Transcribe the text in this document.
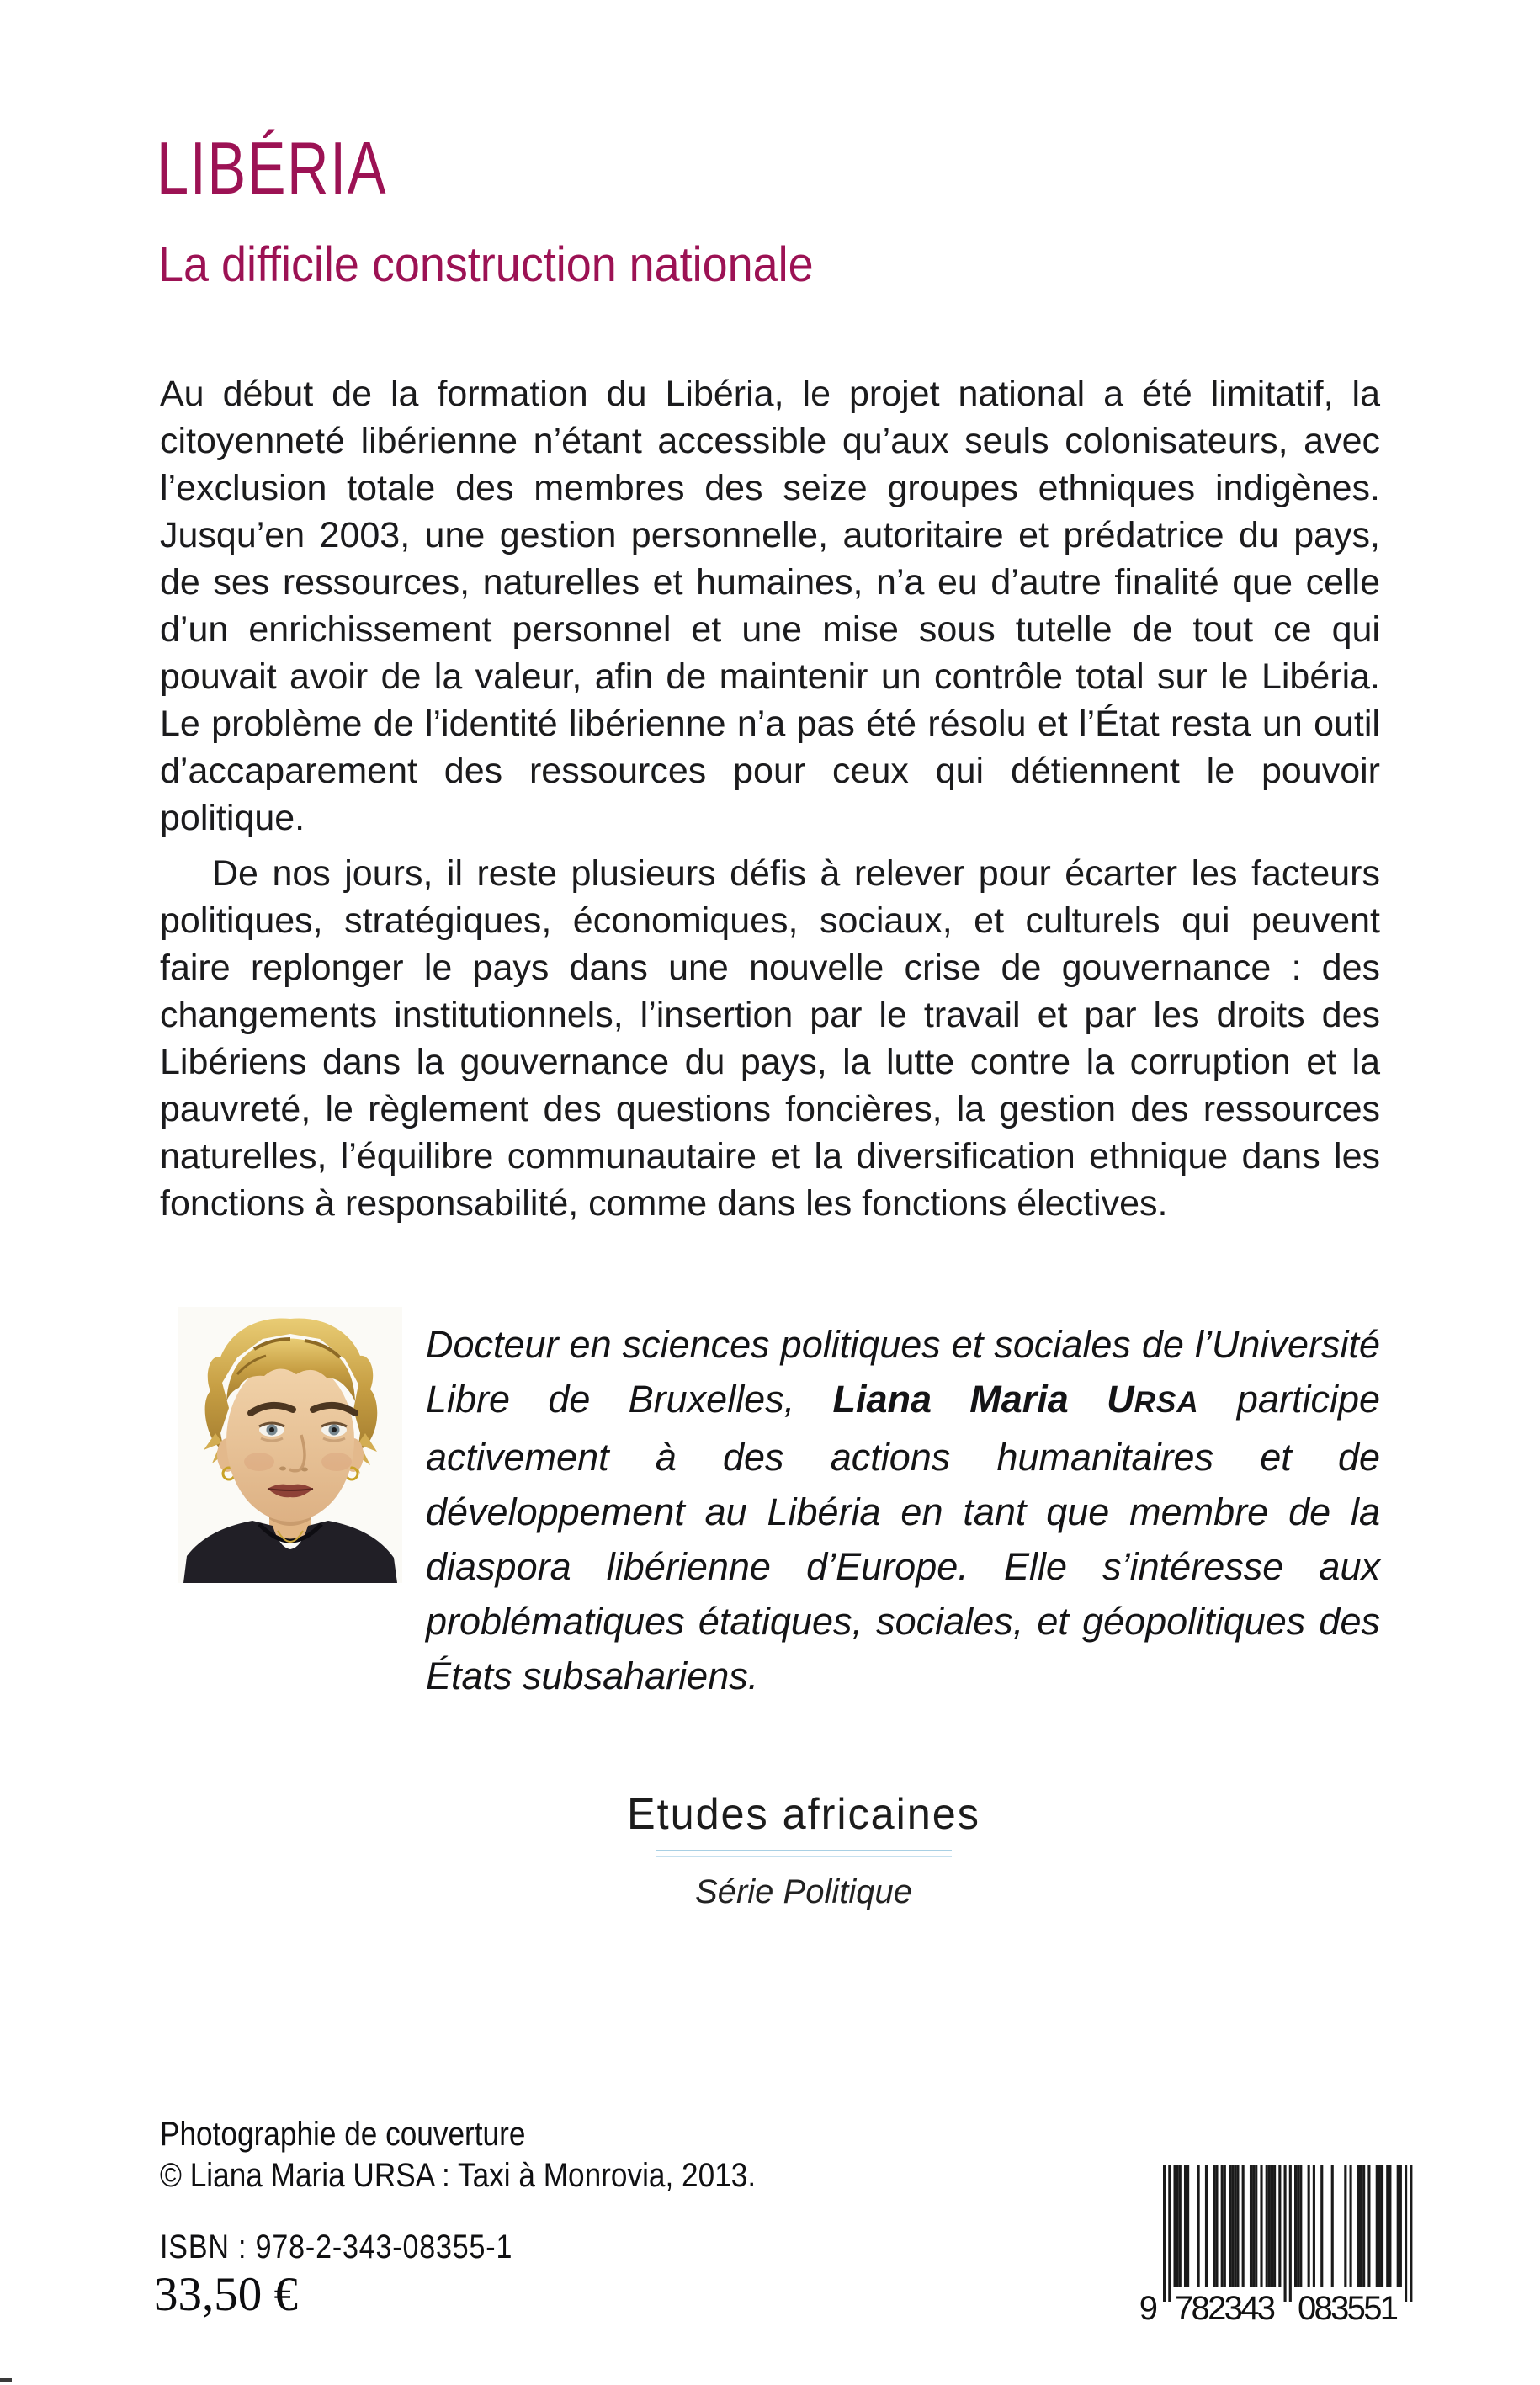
LIBÉRIA
La difficile construction nationale

Au début de la formation du Libéria, le projet national a été limitatif, la citoyenneté libérienne n’étant accessible qu’aux seuls colonisateurs, avec l’exclusion totale des membres des seize groupes ethniques indigènes. Jusqu’en 2003, une gestion personnelle, autoritaire et prédatrice du pays, de ses ressources, naturelles et humaines, n’a eu d’autre finalité que celle d’un enrichissement personnel et une mise sous tutelle de tout ce qui pouvait avoir de la valeur, afin de maintenir un contrôle total sur le Libéria. Le problème de l’identité libérienne n’a pas été résolu et l’État resta un outil d’accaparement des ressources pour ceux qui détiennent le pouvoir politique.

De nos jours, il reste plusieurs défis à relever pour écarter les facteurs politiques, stratégiques, économiques, sociaux, et culturels qui peuvent faire replonger le pays dans une nouvelle crise de gouvernance : des changements institutionnels, l’insertion par le travail et par les droits des Libériens dans la gouvernance du pays, la lutte contre la corruption et la pauvreté, le règlement des questions foncières, la gestion des ressources naturelles, l’équilibre communautaire et la diversification ethnique dans les fonctions à responsabilité, comme dans les fonctions électives.

Docteur en sciences politiques et sociales de l’Université Libre de Bruxelles, Liana Maria URSA participe activement à des actions humanitaires et de développement au Libéria en tant que membre de la diaspora libérienne d’Europe. Elle s’intéresse aux problématiques étatiques, sociales, et géopolitiques des États subsahariens.
Etudes africaines
Série Politique
Photographie de couverture
© Liana Maria URSA : Taxi à Monrovia, 2013.
ISBN : 978-2-343-08355-1
33,50 €	9 782343 083551
